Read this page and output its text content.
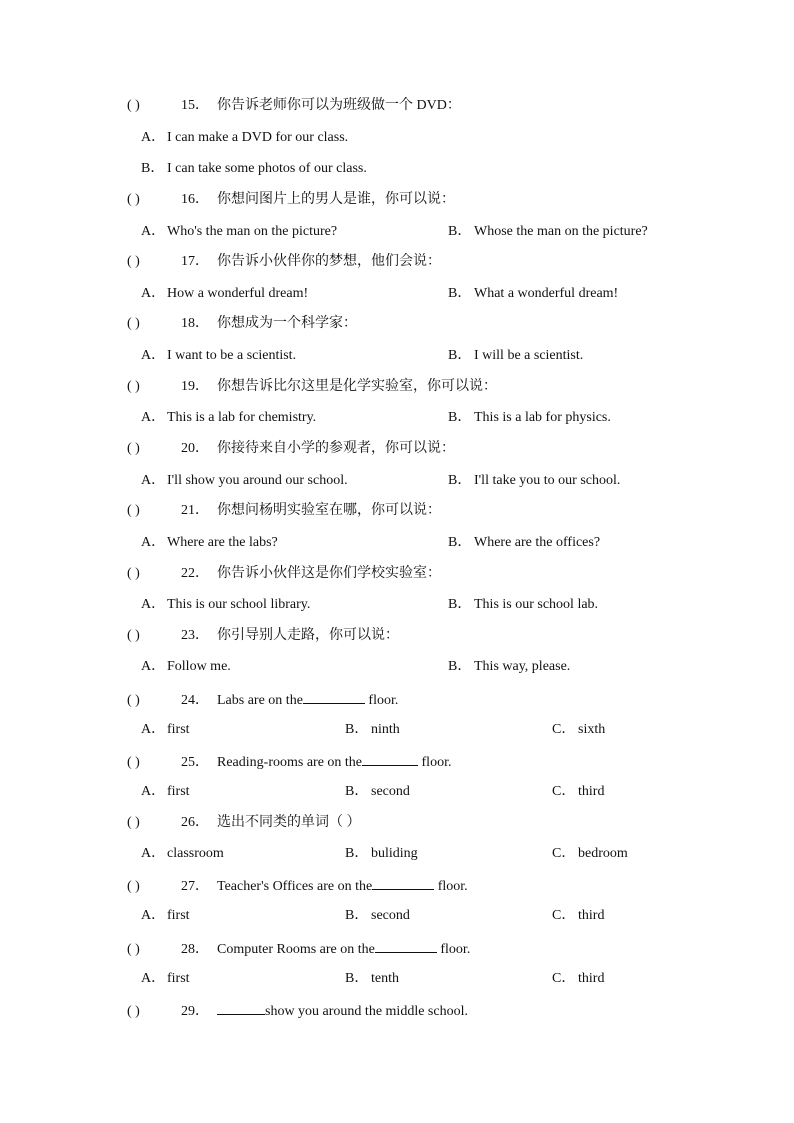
( )	15． 你告诉老师你可以为班级做一个 DVD：
A． I can make a DVD for our class.
B． I can take some photos of our class.
( )	16． 你想问图片上的男人是谁，你可以说：
A． Who's the man on the picture?	B． Whose the man on the picture?
( )	17． 你告诉小伙伴你的梦想，他们会说：
A． How a wonderful dream!	B． What a wonderful dream!
( )	18． 你想成为一个科学家：
A． I want to be a scientist.	B． I will be a scientist.
( )	19． 你想告诉比尔这里是化学实验室，你可以说：
A． This is a lab for chemistry.	B． This is a lab for physics.
( )	20． 你接待来自小学的参观者，你可以说：
A． I'll show you around our school.	B． I'll take you to our school.
( )	21． 你想问杨明实验室在哪，你可以说：
A． Where are the labs?	B． Where are the offices?
( )	22． 你告诉小伙伴这是你们学校实验室：
A． This is our school library.	B． This is our school lab.
( )	23． 你引导别人走路，你可以说：
A． Follow me.	B． This way, please.
( )	24． Labs are on the	floor.
A． first	B． ninth	C． sixth
( )	25． Reading-rooms are on the	floor.
A． first	B． second	C． third
( )	26． 选出不同类的单词（ ）
A． classroom	B． buliding	C． bedroom
( )	27． Teacher's Offices are on the	floor.
A． first	B． second	C． third
( )	28． Computer Rooms are on the	floor.
A． first	B． tenth	C． third
( )	29．	show you around the middle school.
